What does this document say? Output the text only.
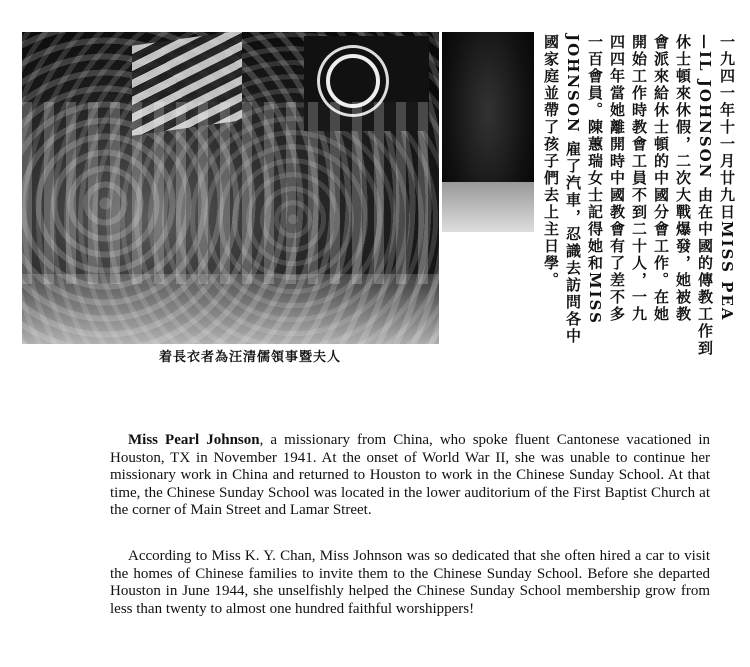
着長衣者為汪清儒領事暨夫人
一九四一年十一月廿九日MISS PEA
—IL JOHNSON 由在中國的傳教工作到
休士頓來休假，二次大戰爆發，她被教
會派來給休士頓的中國分會工作。在她
開始工作時教會工員不到二十人，一九
四四年當她離開時中國教會有了差不多
一百會員。陳蕙瑞女士記得她和MISS
JOHNSON 雇了汽車，忍識去訪問各中
國家庭並帶了孩子們去上主日學。
Miss Pearl Johnson, a missionary from China, who spoke fluent Cantonese vacationed in Houston, TX in November 1941. At the onset of World War II, she was unable to continue her missionary work in China and returned to Houston to work in the Chinese Sunday School. At that time, the Chinese Sunday School was located in the lower auditorium of the First Baptist Church at the corner of Main Street and Lamar Street.
According to Miss K. Y. Chan, Miss Johnson was so dedicated that she often hired a car to visit the homes of Chinese families to invite them to the Chinese Sunday School. Before she departed Houston in June 1944, she unselfishly helped the Chinese Sunday School membership grow from less than twenty to almost one hundred faithful worshippers!
